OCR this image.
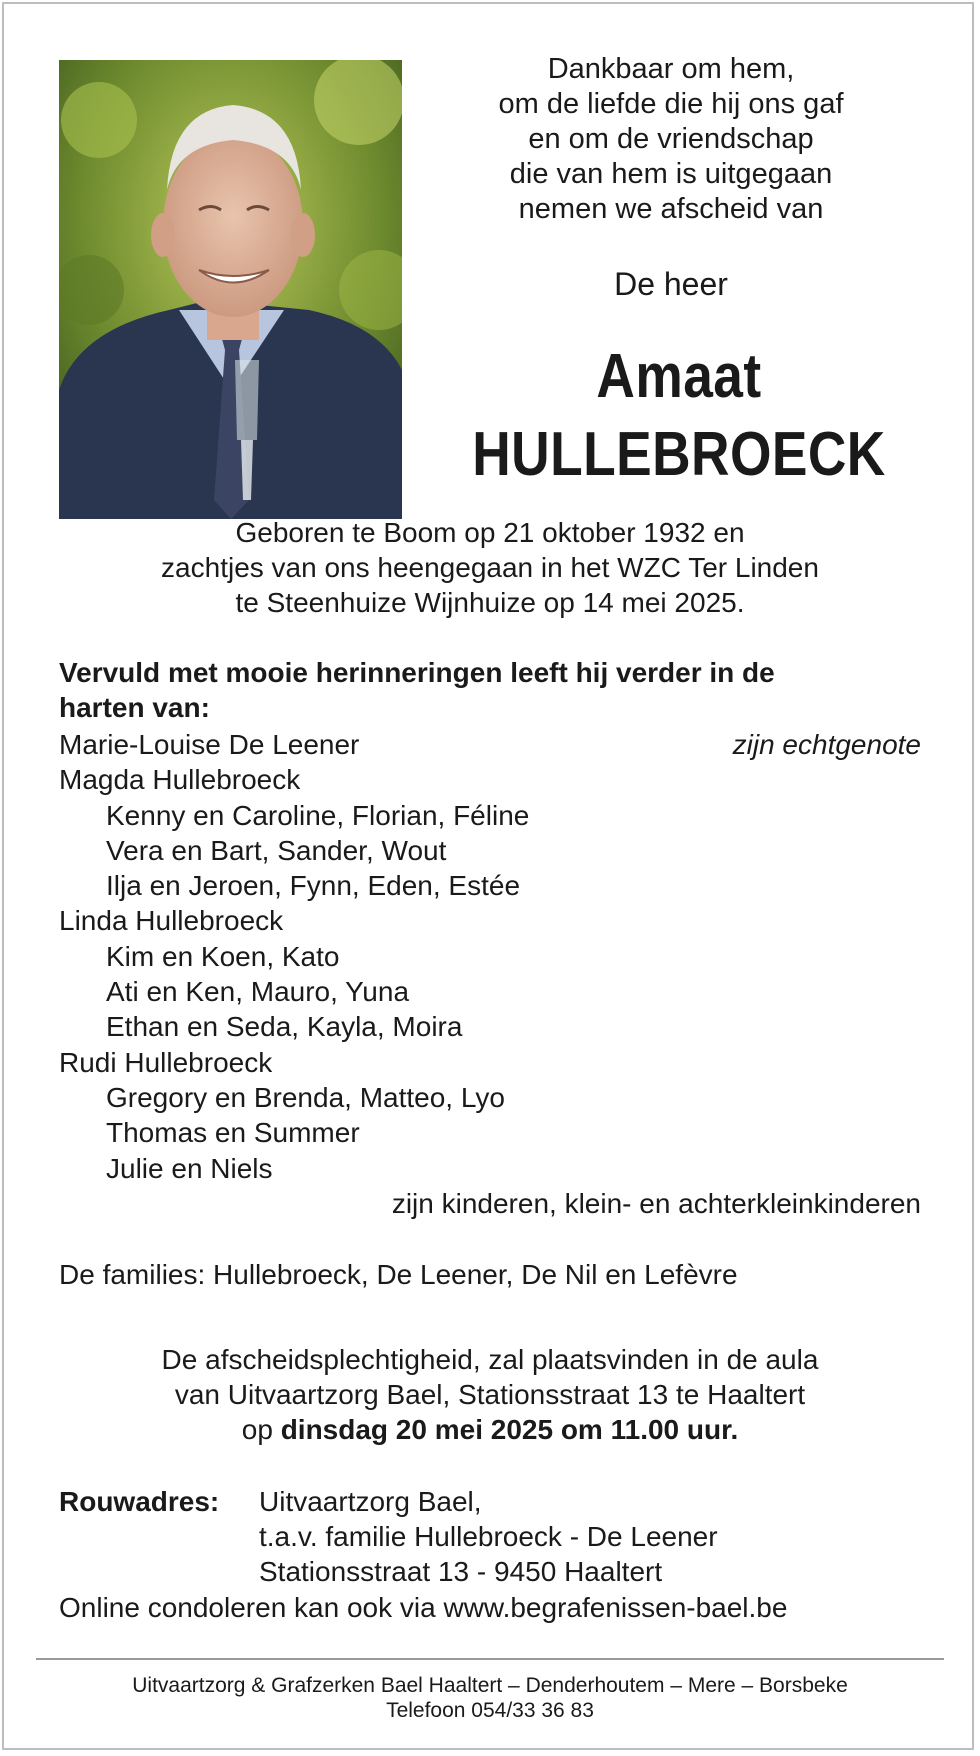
Dankbaar om hem,
om de liefde die hij ons gaf
en om de vriendschap
die van hem is uitgegaan
nemen we afscheid van
De heer
Amaat
HULLEBROECK
Geboren te Boom op 21 oktober 1932 en
zachtjes van ons heengegaan in het WZC Ter Linden
te Steenhuize Wijnhuize op 14 mei 2025.
Vervuld met mooie herinneringen leeft hij verder in de
harten van:
Marie-Louise De Leener	zijn echtgenote
Magda Hullebroeck
Kenny en Caroline, Florian, Féline
Vera en Bart, Sander, Wout
Ilja en Jeroen, Fynn, Eden, Estée
Linda Hullebroeck
Kim en Koen, Kato
Ati en Ken, Mauro, Yuna
Ethan en Seda, Kayla, Moira
Rudi Hullebroeck
Gregory en Brenda, Matteo, Lyo
Thomas en Summer
Julie en Niels
zijn kinderen, klein- en achterkleinkinderen
De families: Hullebroeck, De Leener, De Nil en Lefèvre
De afscheidsplechtigheid, zal plaatsvinden in de aula
van Uitvaartzorg Bael, Stationsstraat 13 te Haaltert
op dinsdag 20 mei 2025 om 11.00 uur.
Rouwadres: Uitvaartzorg Bael,
t.a.v. familie Hullebroeck - De Leener
Stationsstraat 13 - 9450 Haaltert
Online condoleren kan ook via www.begrafenissen-bael.be
Uitvaartzorg & Grafzerken Bael Haaltert – Denderhoutem – Mere – Borsbeke
Telefoon 054/33 36 83
